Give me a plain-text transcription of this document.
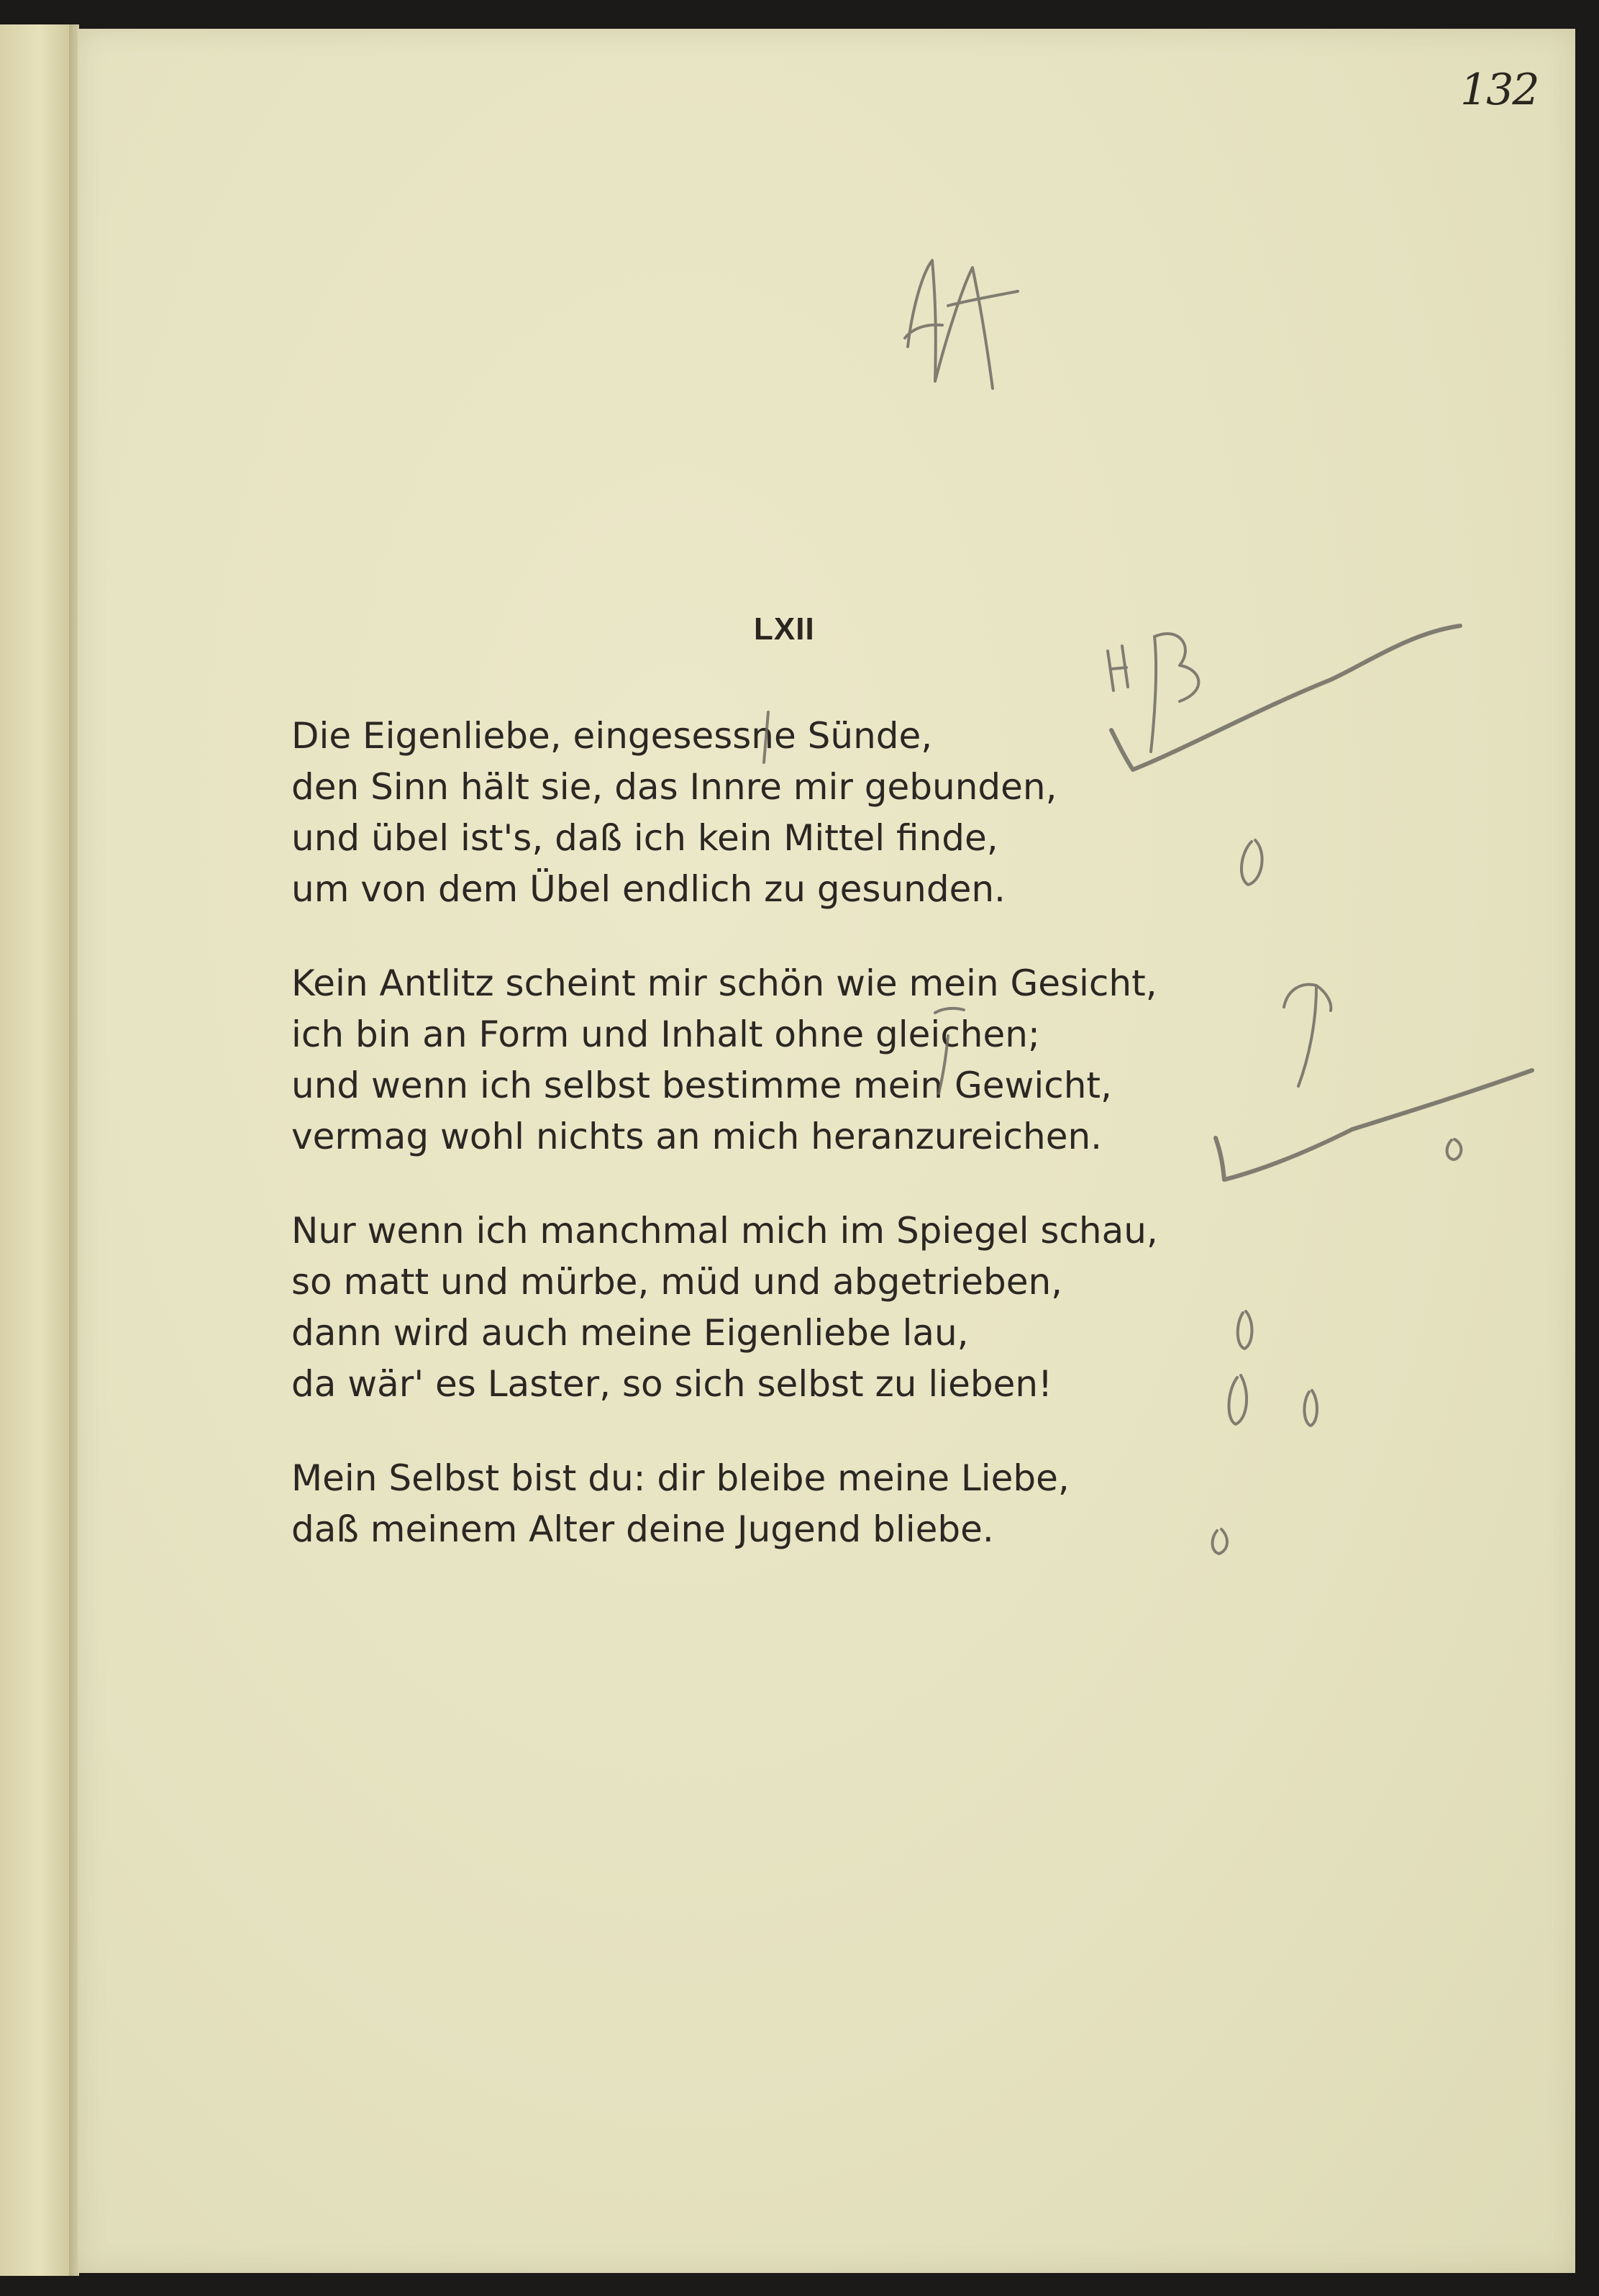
132
LXII
Die Eigenliebe, eingesessne Sünde,
den Sinn hält sie, das Innre mir gebunden,
und übel ist's, daß ich kein Mittel finde,
um von dem Übel endlich zu gesunden.
Kein Antlitz scheint mir schön wie mein Gesicht,
ich bin an Form und Inhalt ohne gleichen;
und wenn ich selbst bestimme mein Gewicht,
vermag wohl nichts an mich heranzureichen.
Nur wenn ich manchmal mich im Spiegel schau,
so matt und mürbe, müd und abgetrieben,
dann wird auch meine Eigenliebe lau,
da wär' es Laster, so sich selbst zu lieben!
Mein Selbst bist du: dir bleibe meine Liebe,
daß meinem Alter deine Jugend bliebe.
